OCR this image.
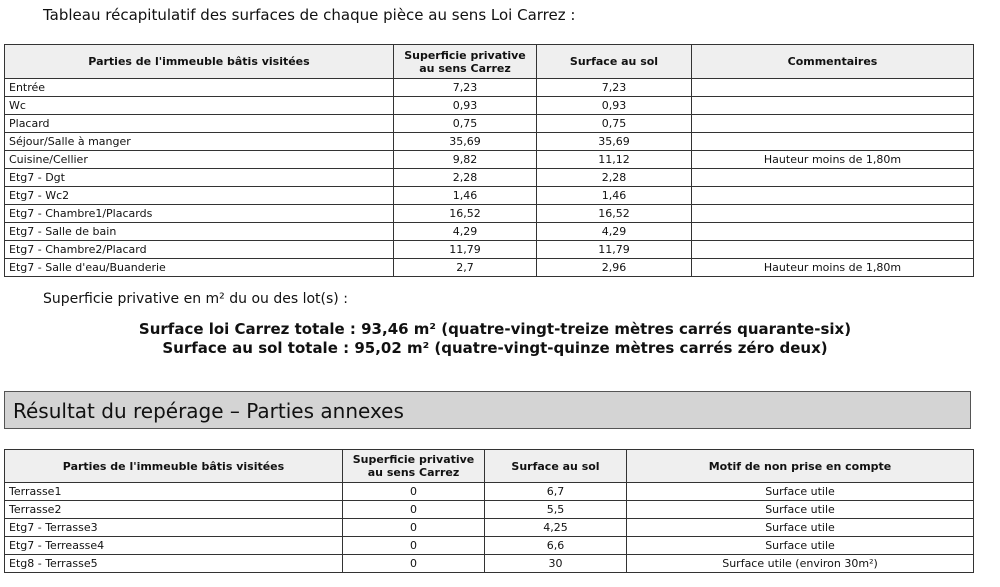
Tableau récapitulatif des surfaces de chaque pièce au sens Loi Carrez :
Parties de l'immeuble bâtis visitées	Superficie privative au sens Carrez	Surface au sol	Commentaires
Entrée	7,23	7,23	
Wc	0,93	0,93	
Placard	0,75	0,75	
Séjour/Salle à manger	35,69	35,69	
Cuisine/Cellier	9,82	11,12	Hauteur moins de 1,80m
Etg7 - Dgt	2,28	2,28	
Etg7 - Wc2	1,46	1,46	
Etg7 - Chambre1/Placards	16,52	16,52	
Etg7 - Salle de bain	4,29	4,29	
Etg7 - Chambre2/Placard	11,79	11,79	
Etg7 - Salle d'eau/Buanderie	2,7	2,96	Hauteur moins de 1,80m
Superficie privative en m² du ou des lot(s) :
Surface loi Carrez totale : 93,46 m² (quatre-vingt-treize mètres carrés quarante-six)
Surface au sol totale : 95,02 m² (quatre-vingt-quinze mètres carrés zéro deux)
Résultat du repérage – Parties annexes
Parties de l'immeuble bâtis visitées	Superficie privative au sens Carrez	Surface au sol	Motif de non prise en compte
Terrasse1	0	6,7	Surface utile
Terrasse2	0	5,5	Surface utile
Etg7 - Terrasse3	0	4,25	Surface utile
Etg7 - Terreasse4	0	6,6	Surface utile
Etg8 - Terrasse5	0	30	Surface utile (environ 30m²)
